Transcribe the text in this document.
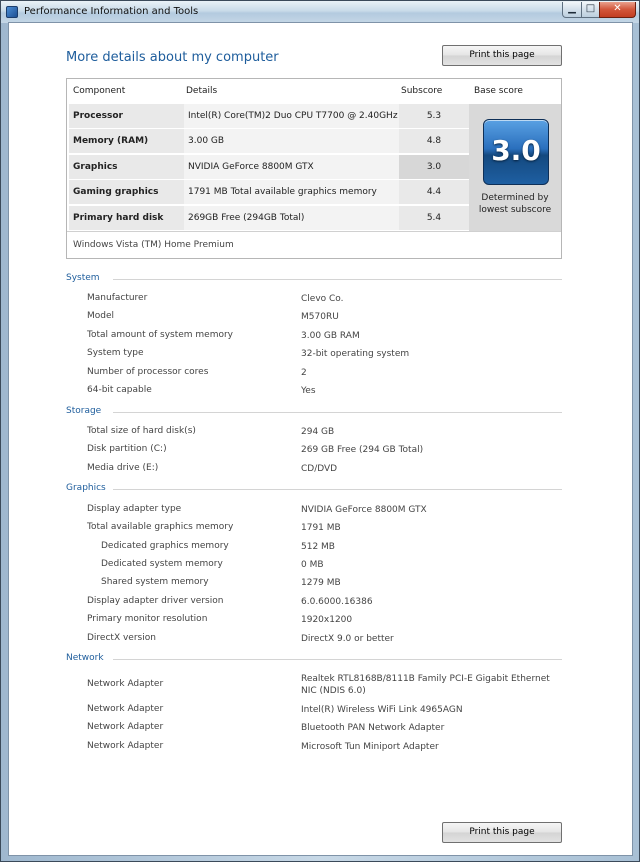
Performance Information and Tools	▁ □	✕
More details about my computer	Print this page
Component	Details	Subscore	Base score
Processor	Intel(R) Core(TM)2 Duo CPU T7700 @ 2.40GHz	5.3
Memory (RAM)	3.00 GB	4.8
Graphics	NVIDIA GeForce 8800M GTX	3.0
Gaming graphics	1791 MB Total available graphics memory	4.4
Primary hard disk	269GB Free (294GB Total)	5.4
3.0
Determined by
lowest subscore
Windows Vista (TM) Home Premium
System
Manufacturer	Clevo Co.
Model	M570RU
Total amount of system memory	3.00 GB RAM
System type	32-bit operating system
Number of processor cores	2
64-bit capable	Yes
Storage
Total size of hard disk(s)	294 GB
Disk partition (C:)	269 GB Free (294 GB Total)
Media drive (E:)	CD/DVD
Graphics
Display adapter type	NVIDIA GeForce 8800M GTX
Total available graphics memory	1791 MB
Dedicated graphics memory	512 MB
Dedicated system memory	0 MB
Shared system memory	1279 MB
Display adapter driver version	6.0.6000.16386
Primary monitor resolution	1920x1200
DirectX version	DirectX 9.0 or better
Network
Network Adapter	Realtek RTL8168B/8111B Family PCI-E Gigabit Ethernet NIC (NDIS 6.0)
Network Adapter	Intel(R) Wireless WiFi Link 4965AGN
Network Adapter	Bluetooth PAN Network Adapter
Network Adapter	Microsoft Tun Miniport Adapter
Print this page
